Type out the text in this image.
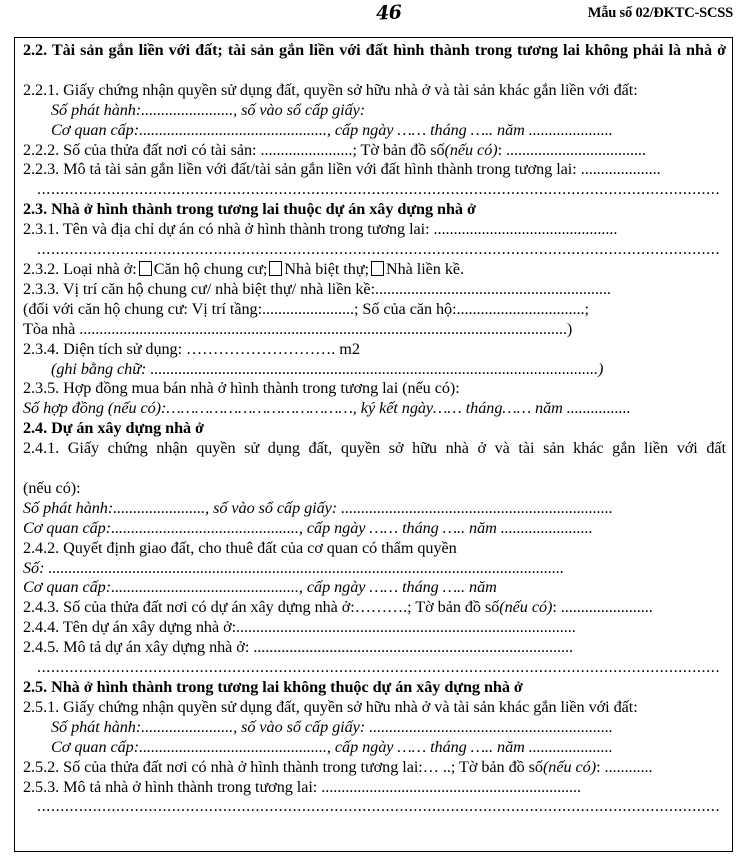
46	Mẫu số 02/ĐKTC-SCSS
2.2. Tài sản gắn liền với đất; tài sản gắn liền với đất hình thành trong tương lai không phải là nhà ở
2.2.1. Giấy chứng nhận quyền sử dụng đất, quyền sở hữu nhà ở và tài sản khác gắn liền với đất:
Số phát hành:......................., số vào sổ cấp giấy:
Cơ quan cấp:..............................................., cấp ngày …… tháng ….. năm .....................
2.2.2. Số của thửa đất nơi có tài sản: .......................; Tờ bản đồ số(nếu có): ...................................
2.2.3. Mô tả tài sản gắn liền với đất/tài sản gắn liền với đất hình thành trong tương lai: ....................
...................................................................................................................................................
2.3. Nhà ở hình thành trong tương lai thuộc dự án xây dựng nhà ở
2.3.1. Tên và địa chỉ dự án có nhà ở hình thành trong tương lai: ..............................................
...................................................................................................................................................
2.3.2. Loại nhà ở: Căn hộ chung cư; Nhà biệt thự; Nhà liền kề.
2.3.3. Vị trí căn hộ chung cư/ nhà biệt thự/ nhà liền kề:...........................................................
(đối với căn hộ chung cư: Vị trí tầng:.......................; Số của căn hộ:................................;
Tòa nhà ..........................................................................................................................)
2.3.4. Diện tích sử dụng: ………………………. m2
(ghi bằng chữ: ................................................................................................................)
2.3.5. Hợp đồng mua bán nhà ở hình thành trong tương lai (nếu có):
Số hợp đồng (nếu có):…………………………………, ký kết ngày…… tháng…… năm ................
2.4. Dự án xây dựng nhà ở
2.4.1. Giấy chứng nhận quyền sử dụng đất, quyền sở hữu nhà ở và tài sản khác gắn liền với đất
(nếu có):
Số phát hành:......................., số vào sổ cấp giấy: ....................................................................
Cơ quan cấp:..............................................., cấp ngày …… tháng ….. năm .......................
2.4.2. Quyết định giao đất, cho thuê đất của cơ quan có thẩm quyền
Số: .................................................................................................................................
Cơ quan cấp:..............................................., cấp ngày …… tháng ….. năm
2.4.3. Số của thửa đất nơi có dự án xây dựng nhà ở:……….; Tờ bản đồ số(nếu có): .......................
2.4.4. Tên dự án xây dựng nhà ở:.....................................................................................
2.4.5. Mô tả dự án xây dựng nhà ở: ................................................................................
...................................................................................................................................................
2.5. Nhà ở hình thành trong tương lai không thuộc dự án xây dựng nhà ở
2.5.1. Giấy chứng nhận quyền sử dụng đất, quyền sở hữu nhà ở và tài sản khác gắn liền với đất:
Số phát hành:......................., số vào sổ cấp giấy: .............................................................
Cơ quan cấp:..............................................., cấp ngày …… tháng ….. năm .....................
2.5.2. Số của thửa đất nơi có nhà ở hình thành trong tương lai:… ..; Tờ bản đồ số(nếu có): ............
2.5.3. Mô tả nhà ở hình thành trong tương lai: .................................................................
...................................................................................................................................................
